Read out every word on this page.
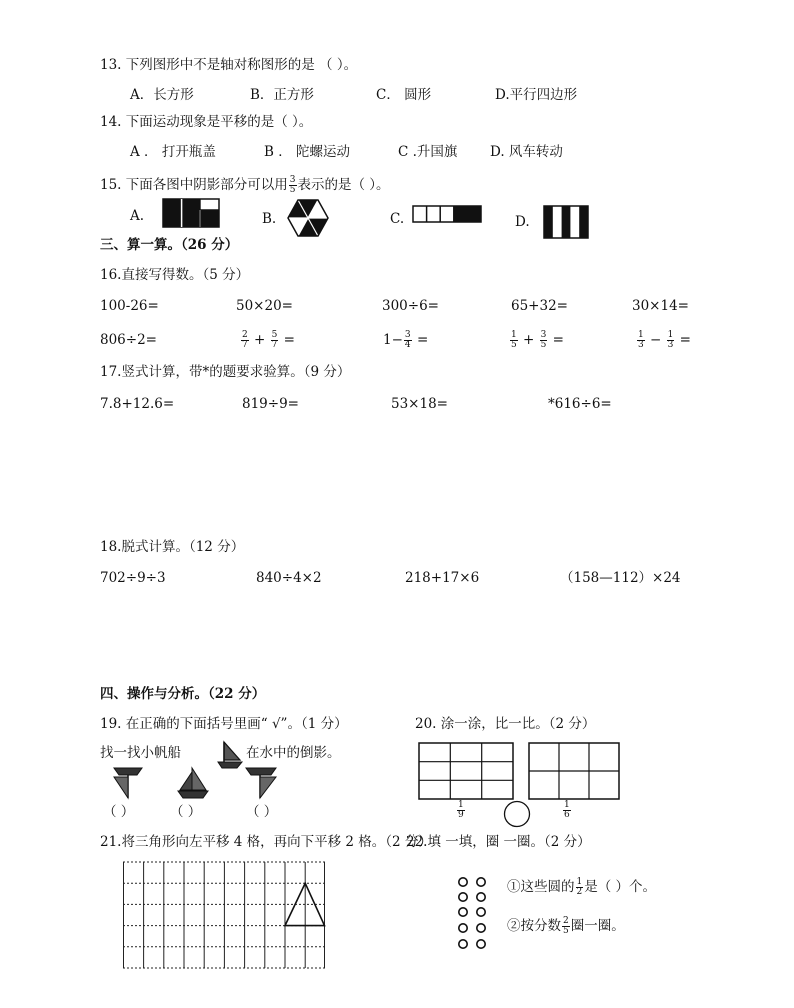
13. 下列图形中不是轴对称图形的是 （ ）。
A．长方形	B．正方形	C． 圆形	D.平行四边形
14. 下面运动现象是平移的是（ ）。
A ． 打开瓶盖	B ． 陀螺运动	C .升国旗 D. 风车转动
15. 下面各图中阴影部分可以用 $\frac{3}{5}$ 表示的是（ ）。
A.	B.	C.	D.
三、算一算。（26 分）
16.直接写得数。（5 分）
100-26=	50×20=	300÷6=	65+32=	30×14=
806÷2=	$\frac{2}{7} + \frac{5}{7}$ =	$1- \frac{3}{4}$ =	$\frac{1}{5} + \frac{3}{5}$ =	$\frac{1}{3} - \frac{1}{3}$ =
17.竖式计算，带*的题要求验算。（9 分）
7.8+12.6=	819÷9=	53×18=	*616÷6=
18.脱式计算。（12 分）
702÷9÷3	840÷4×2	218+17×6	（158—112）×24
四、操作与分析。（22 分）
19. 在正确的下面括号里画“ √”。（1 分）
找一找小帆船	在水中的倒影。
（ ）	（ ）	（ ）
20. 涂一涂，比一比。（2 分）
$\frac{1}{9}$	$\frac{1}{6}$
21.将三角形向左平移 4 格，再向下平移 2 格。（2 分）
22.填 一填，圈 一圈。（2 分）
①这些圆的 $\frac{1}{2}$ 是（ ）个。
②按分数 $\frac{2}{5}$ 圈一圈。
